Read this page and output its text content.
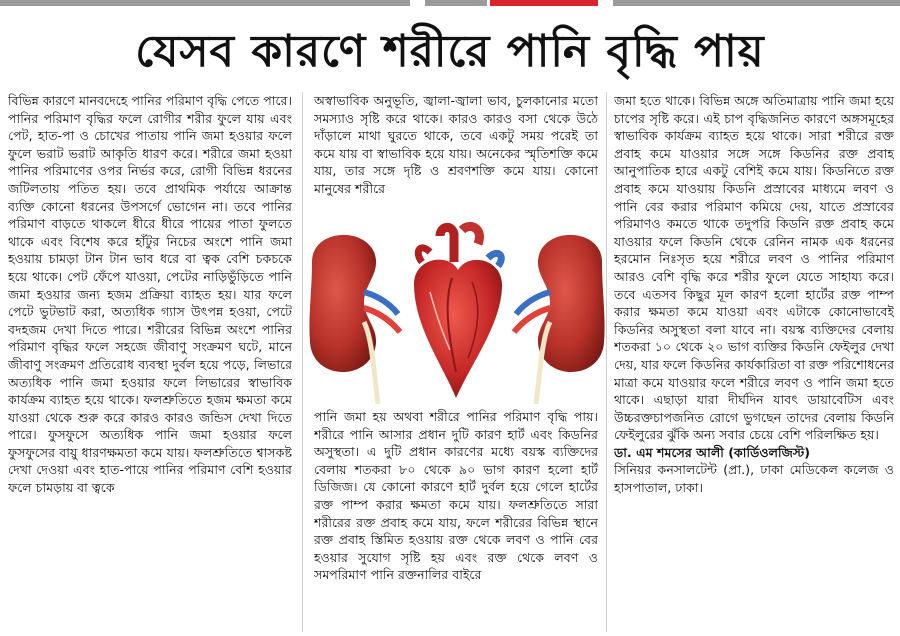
যেসব কারণে শরীরে পানি বৃদ্ধি পায়

বিভিন্ন কারণে মানবদেহে পানির পরিমাণ বৃদ্ধি পেতে পারে। পানির পরিমাণ বৃদ্ধির ফলে রোগীর শরীর ফুলে যায় এবং পেট, হাত-পা ও চোখের পাতায় পানি জমা হওয়ার ফলে ফুলে ভরাট ভরাট আকৃতি ধারণ করে। শরীরে জমা হওয়া পানির পরিমাণের ওপর নির্ভর করে, রোগী বিভিন্ন ধরনের জটিলতায় পতিত হয়। তবে প্রাথমিক পর্যায়ে আক্রান্ত ব্যক্তি কোনো ধরনের উপসর্গে ভোগেন না। তবে পানির পরিমাণ বাড়তে থাকলে ধীরে ধীরে পায়ের পাতা ফুলতে থাকে এবং বিশেষ করে হাঁটুর নিচের অংশে পানি জমা হওয়ায় চামড়া টান টান ভাব ধরে বা ত্বক বেশি চকচকে হয়ে থাকে। পেট ফেঁপে যাওয়া, পেটের নাড়িভুঁড়িতে পানি জমা হওয়ার জন্য হজম প্রক্রিয়া ব্যাহত হয়। যার ফলে পেটে ভুটভাট করা, অত্যধিক গ্যাস উৎপন্ন হওয়া, পেটে বদহজম দেখা দিতে পারে। শরীরের বিভিন্ন অংশে পানির পরিমাণ বৃদ্ধির ফলে সহজে জীবাণু সংক্রমণ ঘটে, মানে জীবাণু সংক্রমণ প্রতিরোধ ব্যবস্থা দুর্বল হয়ে পড়ে, লিভারে অত্যধিক পানি জমা হওয়ার ফলে লিভারের স্বাভাবিক কার্যক্রম ব্যাহত হয়ে থাকে। ফলশ্রুতিতে হজম ক্ষমতা কমে যাওয়া থেকে শুরু করে কারও কারও জন্ডিস দেখা দিতে পারে। ফুসফুসে অত্যধিক পানি জমা হওয়ার ফলে ফুসফুসের বায়ু ধারণক্ষমতা কমে যায়। ফলশ্রুতিতে শ্বাসকষ্ট দেখা দেওয়া এবং হাত-পায়ে পানির পরিমাণ বেশি হওয়ার ফলে চামড়ায় বা ত্বকে

অস্বাভাবিক অনুভূতি, জ্বালা-জ্বালা ভাব, চুলকানোর মতো সমস্যাও সৃষ্টি করে থাকে। কারও কারও বসা থেকে উঠে দাঁড়ালে মাথা ঘুরতে থাকে, তবে একটু সময় পরেই তা কমে যায় বা স্বাভাবিক হয়ে যায়। অনেকের স্মৃতিশক্তি কমে যায়, তার সঙ্গে দৃষ্টি ও শ্রবণশক্তি কমে যায়। কোনো মানুষের শরীরে

পানি জমা হয় অথবা শরীরে পানির পরিমাণ বৃদ্ধি পায়। শরীরে পানি আসার প্রধান দুটি কারণ হার্ট এবং কিডনির অসুস্থতা। এ দুটি প্রধান কারণের মধ্যে বয়স্ক ব্যক্তিদের বেলায় শতকরা ৮০ থেকে ৯০ ভাগ কারণ হলো হার্ট ডিজিজ। যে কোনো কারণে হার্ট দুর্বল হয়ে গেলে হার্টের রক্ত পাম্প করার ক্ষমতা কমে যায়। ফলশ্রুতিতে সারা শরীরের রক্ত প্রবাহ কমে যায়, ফলে শরীরের বিভিন্ন স্থানে রক্ত প্রবাহ স্তিমিত হওয়ায় রক্ত থেকে লবণ ও পানি বের হওয়ার সুযোগ সৃষ্টি হয় এবং রক্ত থেকে লবণ ও সমপরিমাণ পানি রক্তনালির বাইরে

জমা হতে থাকে। বিভিন্ন অঙ্গে অতিমাত্রায় পানি জমা হয়ে চাপের সৃষ্টি করে। এই চাপ বৃদ্ধিজনিত কারণে অঙ্গসমূহের স্বাভাবিক কার্যক্রম ব্যাহত হয়ে থাকে। সারা শরীরে রক্ত প্রবাহ কমে যাওয়ার সঙ্গে সঙ্গে কিডনির রক্ত প্রবাহ আনুপাতিক হারে একটু বেশিই কমে যায়। কিডনিতে রক্ত প্রবাহ কমে যাওয়ায় কিডনি প্রস্রাবের মাধ্যমে লবণ ও পানি বের করার পরিমাণ কমিয়ে দেয়, যাতে প্রস্রাবের পরিমাণও কমতে থাকে তদুপরি কিডনি রক্ত প্রবাহ কমে যাওয়ার ফলে কিডনি থেকে রেনিন নামক এক ধরনের হরমোন নিঃসৃত হয়ে শরীরে লবণ ও পানির পরিমাণ আরও বেশি বৃদ্ধি করে শরীর ফুলে যেতে সাহায্য করে। তবে এতসব কিছুর মূল কারণ হলো হার্টের রক্ত পাম্প করার ক্ষমতা কমে যাওয়া এবং এটাকে কোনোভাবেই কিডনির অসুস্থতা বলা যাবে না। বয়স্ক ব্যক্তিদের বেলায় শতকরা ১০ থেকে ২০ ভাগ ব্যক্তির কিডনি ফেইলুর দেখা দেয়, যার ফলে কিডনির কার্যকারিতা বা রক্ত পরিশোধনের মাত্রা কমে যাওয়ার ফলে শরীরে লবণ ও পানি জমা হতে থাকে। এছাড়া যারা দীর্ঘদিন যাবৎ ডায়াবেটিস এবং উচ্চরক্তচাপজনিত রোগে ভুগছেন তাদের বেলায় কিডনি ফেইলুরের ঝুঁকি অন্য সবার চেয়ে বেশি পরিলক্ষিত হয়।

ডা. এম শমসের আলী (কার্ডিওলজিস্ট)

সিনিয়র কনসালটেন্ট (প্রা.), ঢাকা মেডিকেল কলেজ ও হাসপাতাল, ঢাকা।
